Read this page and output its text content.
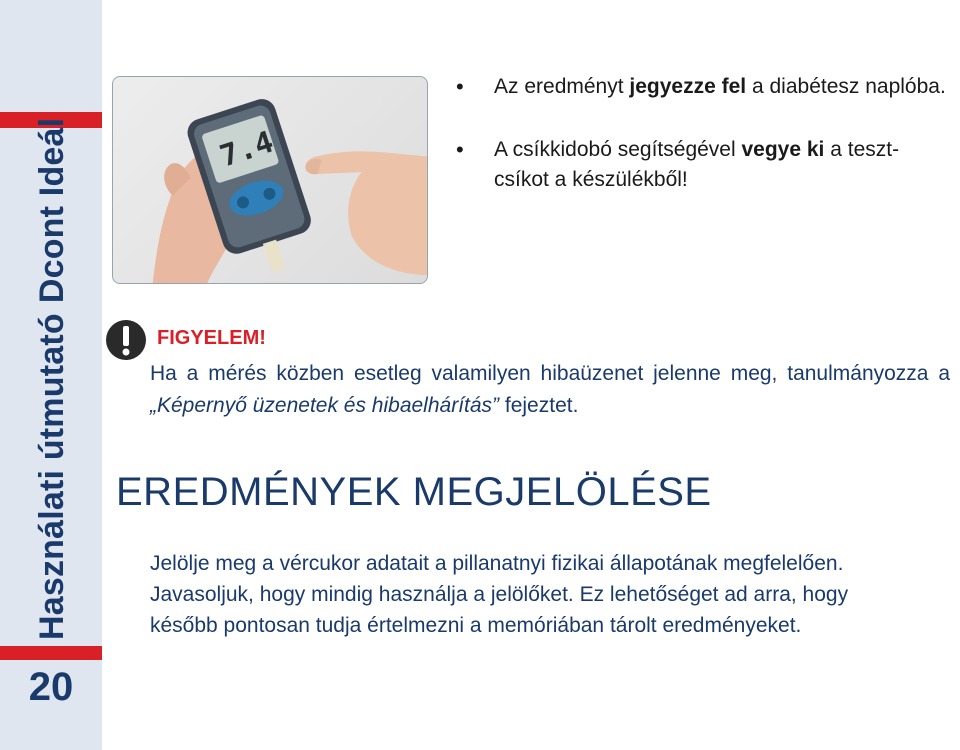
Használati útmutatóDcont Ideál
20
7.4
• Az eredményt jegyezze fel a diabétesz naplóba.
• A csíkkidobó segítségével vegye ki a teszt-csíkot a készülékből!
FIGYELEM!
Ha a mérés közben esetleg valamilyen hibaüzenet jelenne meg, tanulmányozza a „Képernyő üzenetek és hibaelhárítás” fejeztet.
EREDMÉNYEK MEGJELÖLÉSE

Jelölje meg a vércukor adatait a pillanatnyi fizikai állapotának megfelelően.

Javasoljuk, hogy mindig használja a jelölőket. Ez lehetőséget ad arra, hogy

később pontosan tudja értelmezni a memóriában tárolt eredményeket.
